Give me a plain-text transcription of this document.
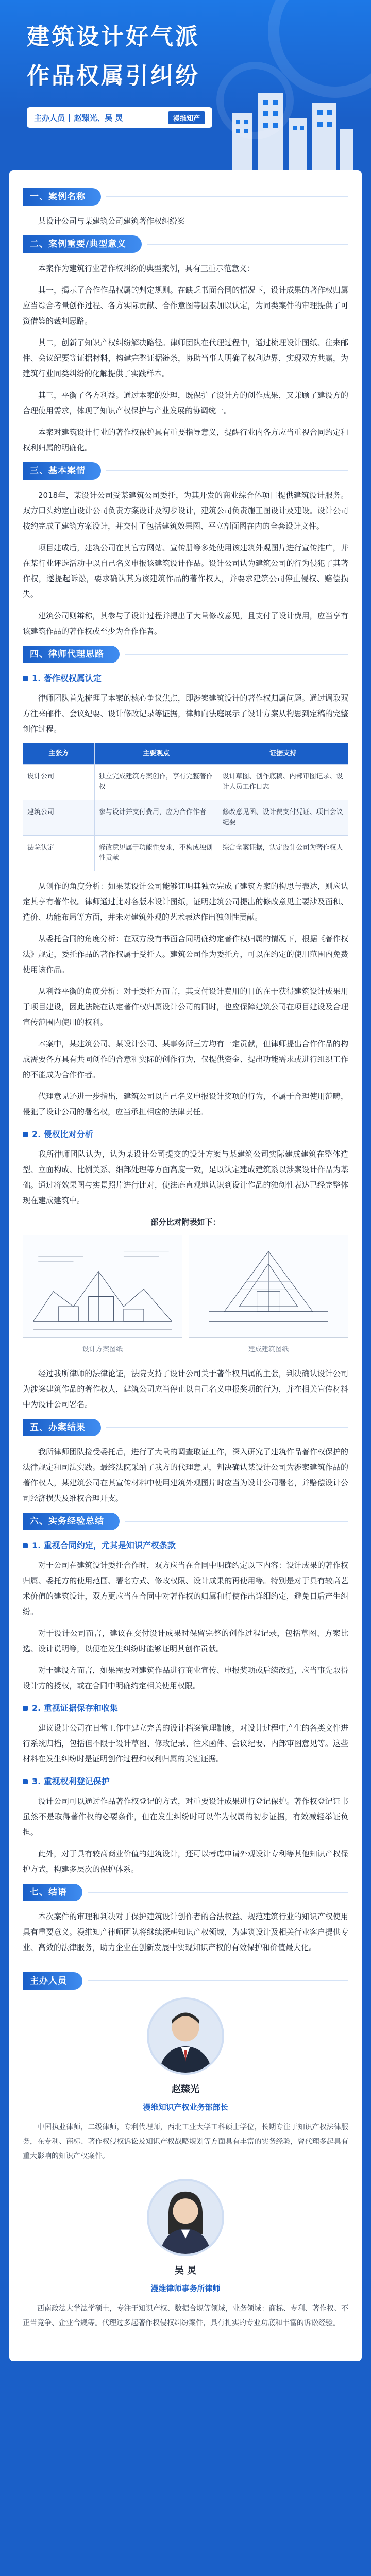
建筑设计好气派
作品权属引纠纷
主办人员 | 赵臻光、吴 炅	漫维知产
一、案例名称

某设计公司与某建筑公司建筑著作权纠纷案

二、案例重要/典型意义

本案作为建筑行业著作权纠纷的典型案例，具有三重示范意义：

其一，揭示了合作作品权属的判定规则。在缺乏书面合同的情况下，设计成果的著作权归属应当综合考量创作过程、各方实际贡献、合作意图等因素加以认定，为同类案件的审理提供了可资借鉴的裁判思路。

其二，创新了知识产权纠纷解决路径。律师团队在代理过程中，通过梳理设计图纸、往来邮件、会议纪要等证据材料，构建完整证据链条，协助当事人明确了权利边界，实现双方共赢，为建筑行业同类纠纷的化解提供了实践样本。

其三，平衡了各方利益。通过本案的处理，既保护了设计方的创作成果，又兼顾了建设方的合理使用需求，体现了知识产权保护与产业发展的协调统一。

本案对建筑设计行业的著作权保护具有重要指导意义，提醒行业内各方应当重视合同约定和权利归属的明确化。

三、基本案情

2018年，某设计公司受某建筑公司委托，为其开发的商业综合体项目提供建筑设计服务。双方口头约定由设计公司负责方案设计及初步设计，建筑公司负责施工图设计及建设。设计公司按约完成了建筑方案设计，并交付了包括建筑效果图、平立剖面图在内的全套设计文件。

项目建成后，建筑公司在其官方网站、宣传册等多处使用该建筑外观图片进行宣传推广，并在某行业评选活动中以自己名义申报该建筑设计作品。设计公司认为建筑公司的行为侵犯了其著作权，遂提起诉讼，要求确认其为该建筑作品的著作权人，并要求建筑公司停止侵权、赔偿损失。

建筑公司则辩称，其参与了设计过程并提出了大量修改意见，且支付了设计费用，应当享有该建筑作品的著作权或至少为合作作者。

四、律师代理思路
1. 著作权权属认定

律师团队首先梳理了本案的核心争议焦点，即涉案建筑设计的著作权归属问题。通过调取双方往来邮件、会议纪要、设计修改记录等证据，律师向法庭展示了设计方案从构思到定稿的完整创作过程。

主张方	主要观点	证据支持
设计公司	独立完成建筑方案创作，享有完整著作权	设计草图、创作底稿、内部审图记录、设计人员工作日志
建筑公司	参与设计并支付费用，应为合作作者	修改意见函、设计费支付凭证、项目会议纪要
法院认定	修改意见属于功能性要求，不构成独创性贡献	综合全案证据，认定设计公司为著作权人

从创作的角度分析：如果某设计公司能够证明其独立完成了建筑方案的构思与表达，则应认定其享有著作权。律师通过比对各版本设计图纸，证明建筑公司提出的修改意见主要涉及面积、造价、功能布局等方面，并未对建筑外观的艺术表达作出独创性贡献。

从委托合同的角度分析：在双方没有书面合同明确约定著作权归属的情况下，根据《著作权法》规定，委托作品的著作权属于受托人。建筑公司作为委托方，可以在约定的使用范围内免费使用该作品。

从利益平衡的角度分析：对于委托方而言，其支付设计费用的目的在于获得建筑设计成果用于项目建设，因此法院在认定著作权归属设计公司的同时，也应保障建筑公司在项目建设及合理宣传范围内使用的权利。

本案中，某建筑公司、某设计公司、某事务所三方均有一定贡献，但律师提出合作作品的构成需要各方具有共同创作的合意和实际的创作行为，仅提供资金、提出功能需求或进行组织工作的不能成为合作作者。

代理意见还进一步指出，建筑公司以自己名义申报设计奖项的行为，不属于合理使用范畴，侵犯了设计公司的署名权，应当承担相应的法律责任。

2. 侵权比对分析

我所律师团队认为，认为某设计公司提交的设计方案与某建筑公司实际建成建筑在整体造型、立面构成、比例关系、细部处理等方面高度一致，足以认定建成建筑系以涉案设计作品为基础。通过将效果图与实景照片进行比对，使法庭直观地认识到设计作品的独创性表达已经完整体现在建成建筑中。

部分比对附表如下：
设计方案图纸	建成建筑图纸

经过我所律师的法律论证，法院支持了设计公司关于著作权归属的主张，判决确认设计公司为涉案建筑作品的著作权人，建筑公司应当停止以自己名义申报奖项的行为，并在相关宣传材料中为设计公司署名。

五、办案结果

我所律师团队接受委托后，进行了大量的调查取证工作，深入研究了建筑作品著作权保护的法律规定和司法实践。最终法院采纳了我方的代理意见，判决确认某设计公司为涉案建筑作品的著作权人，某建筑公司在其宣传材料中使用建筑外观图片时应当为设计公司署名，并赔偿设计公司经济损失及维权合理开支。

六、实务经验总结
1. 重视合同约定，尤其是知识产权条款

对于公司在建筑设计委托合作时，双方应当在合同中明确约定以下内容：设计成果的著作权归属、委托方的使用范围、署名方式、修改权限、设计成果的再使用等。特别是对于具有较高艺术价值的建筑设计，双方更应当在合同中对著作权的归属和行使作出详细约定，避免日后产生纠纷。

对于设计公司而言，建议在交付设计成果时保留完整的创作过程记录，包括草图、方案比选、设计说明等，以便在发生纠纷时能够证明其创作贡献。

对于建设方而言，如果需要对建筑作品进行商业宣传、申报奖项或后续改造，应当事先取得设计方的授权，或在合同中明确约定相关使用权限。

2. 重视证据保存和收集

建议设计公司在日常工作中建立完善的设计档案管理制度，对设计过程中产生的各类文件进行系统归档，包括但不限于设计草图、修改记录、往来函件、会议纪要、内部审图意见等。这些材料在发生纠纷时是证明创作过程和权利归属的关键证据。

3. 重视权利登记保护

设计公司可以通过作品著作权登记的方式，对重要设计成果进行登记保护。著作权登记证书虽然不是取得著作权的必要条件，但在发生纠纷时可以作为权属的初步证据，有效减轻举证负担。

此外，对于具有较高商业价值的建筑设计，还可以考虑申请外观设计专利等其他知识产权保护方式，构建多层次的保护体系。

七、结语

本次案件的审理和判决对于保护建筑设计创作者的合法权益、规范建筑行业的知识产权使用具有重要意义。漫维知产律师团队将继续深耕知识产权领域，为建筑设计及相关行业客户提供专业、高效的法律服务，助力企业在创新发展中实现知识产权的有效保护和价值最大化。

主办人员
赵臻光
漫维知识产权业务部部长
中国执业律师，二级律师，专利代理师，西北工业大学工科硕士学位，长期专注于知识产权法律服务，在专利、商标、著作权侵权诉讼及知识产权战略规划等方面具有丰富的实务经验，曾代理多起具有重大影响的知识产权案件。
吴 炅
漫维律师事务所律师
西南政法大学法学硕士，专注于知识产权、数据合规等领域，业务领域：商标、专利、著作权、不正当竞争、企业合规等。代理过多起著作权侵权纠纷案件，具有扎实的专业功底和丰富的诉讼经验。
